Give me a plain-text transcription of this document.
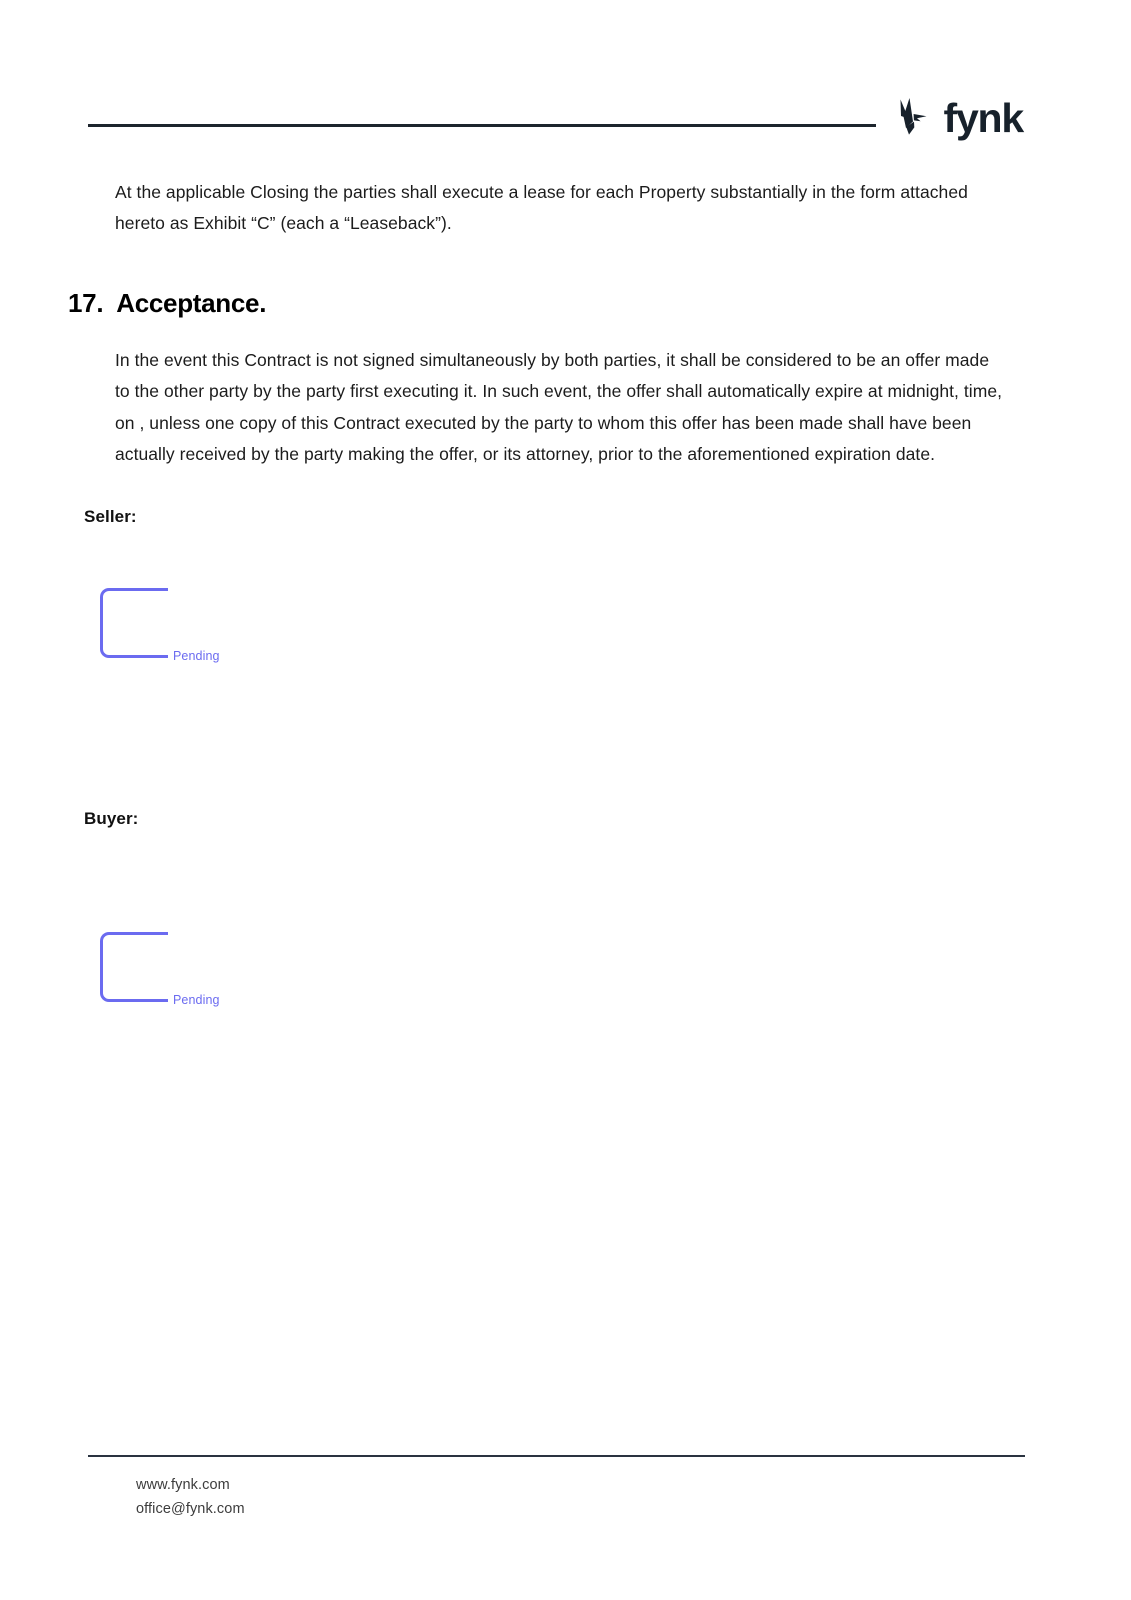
fynk

At the applicable Closing the parties shall execute a lease for each Property substantially in the form attached hereto as Exhibit “C” (each a “Leaseback”).

17. Acceptance.

In the event this Contract is not signed simultaneously by both parties, it shall be considered to be an offer made to the other party by the party first executing it. In such event, the offer shall automatically expire at midnight, time, on , unless one copy of this Contract executed by the party to whom this offer has been made shall have been actually received by the party making the offer, or its attorney, prior to the aforementioned expiration date.

Seller:
Pending
Buyer:
Pending
www.fynk.com
office@fynk.com
